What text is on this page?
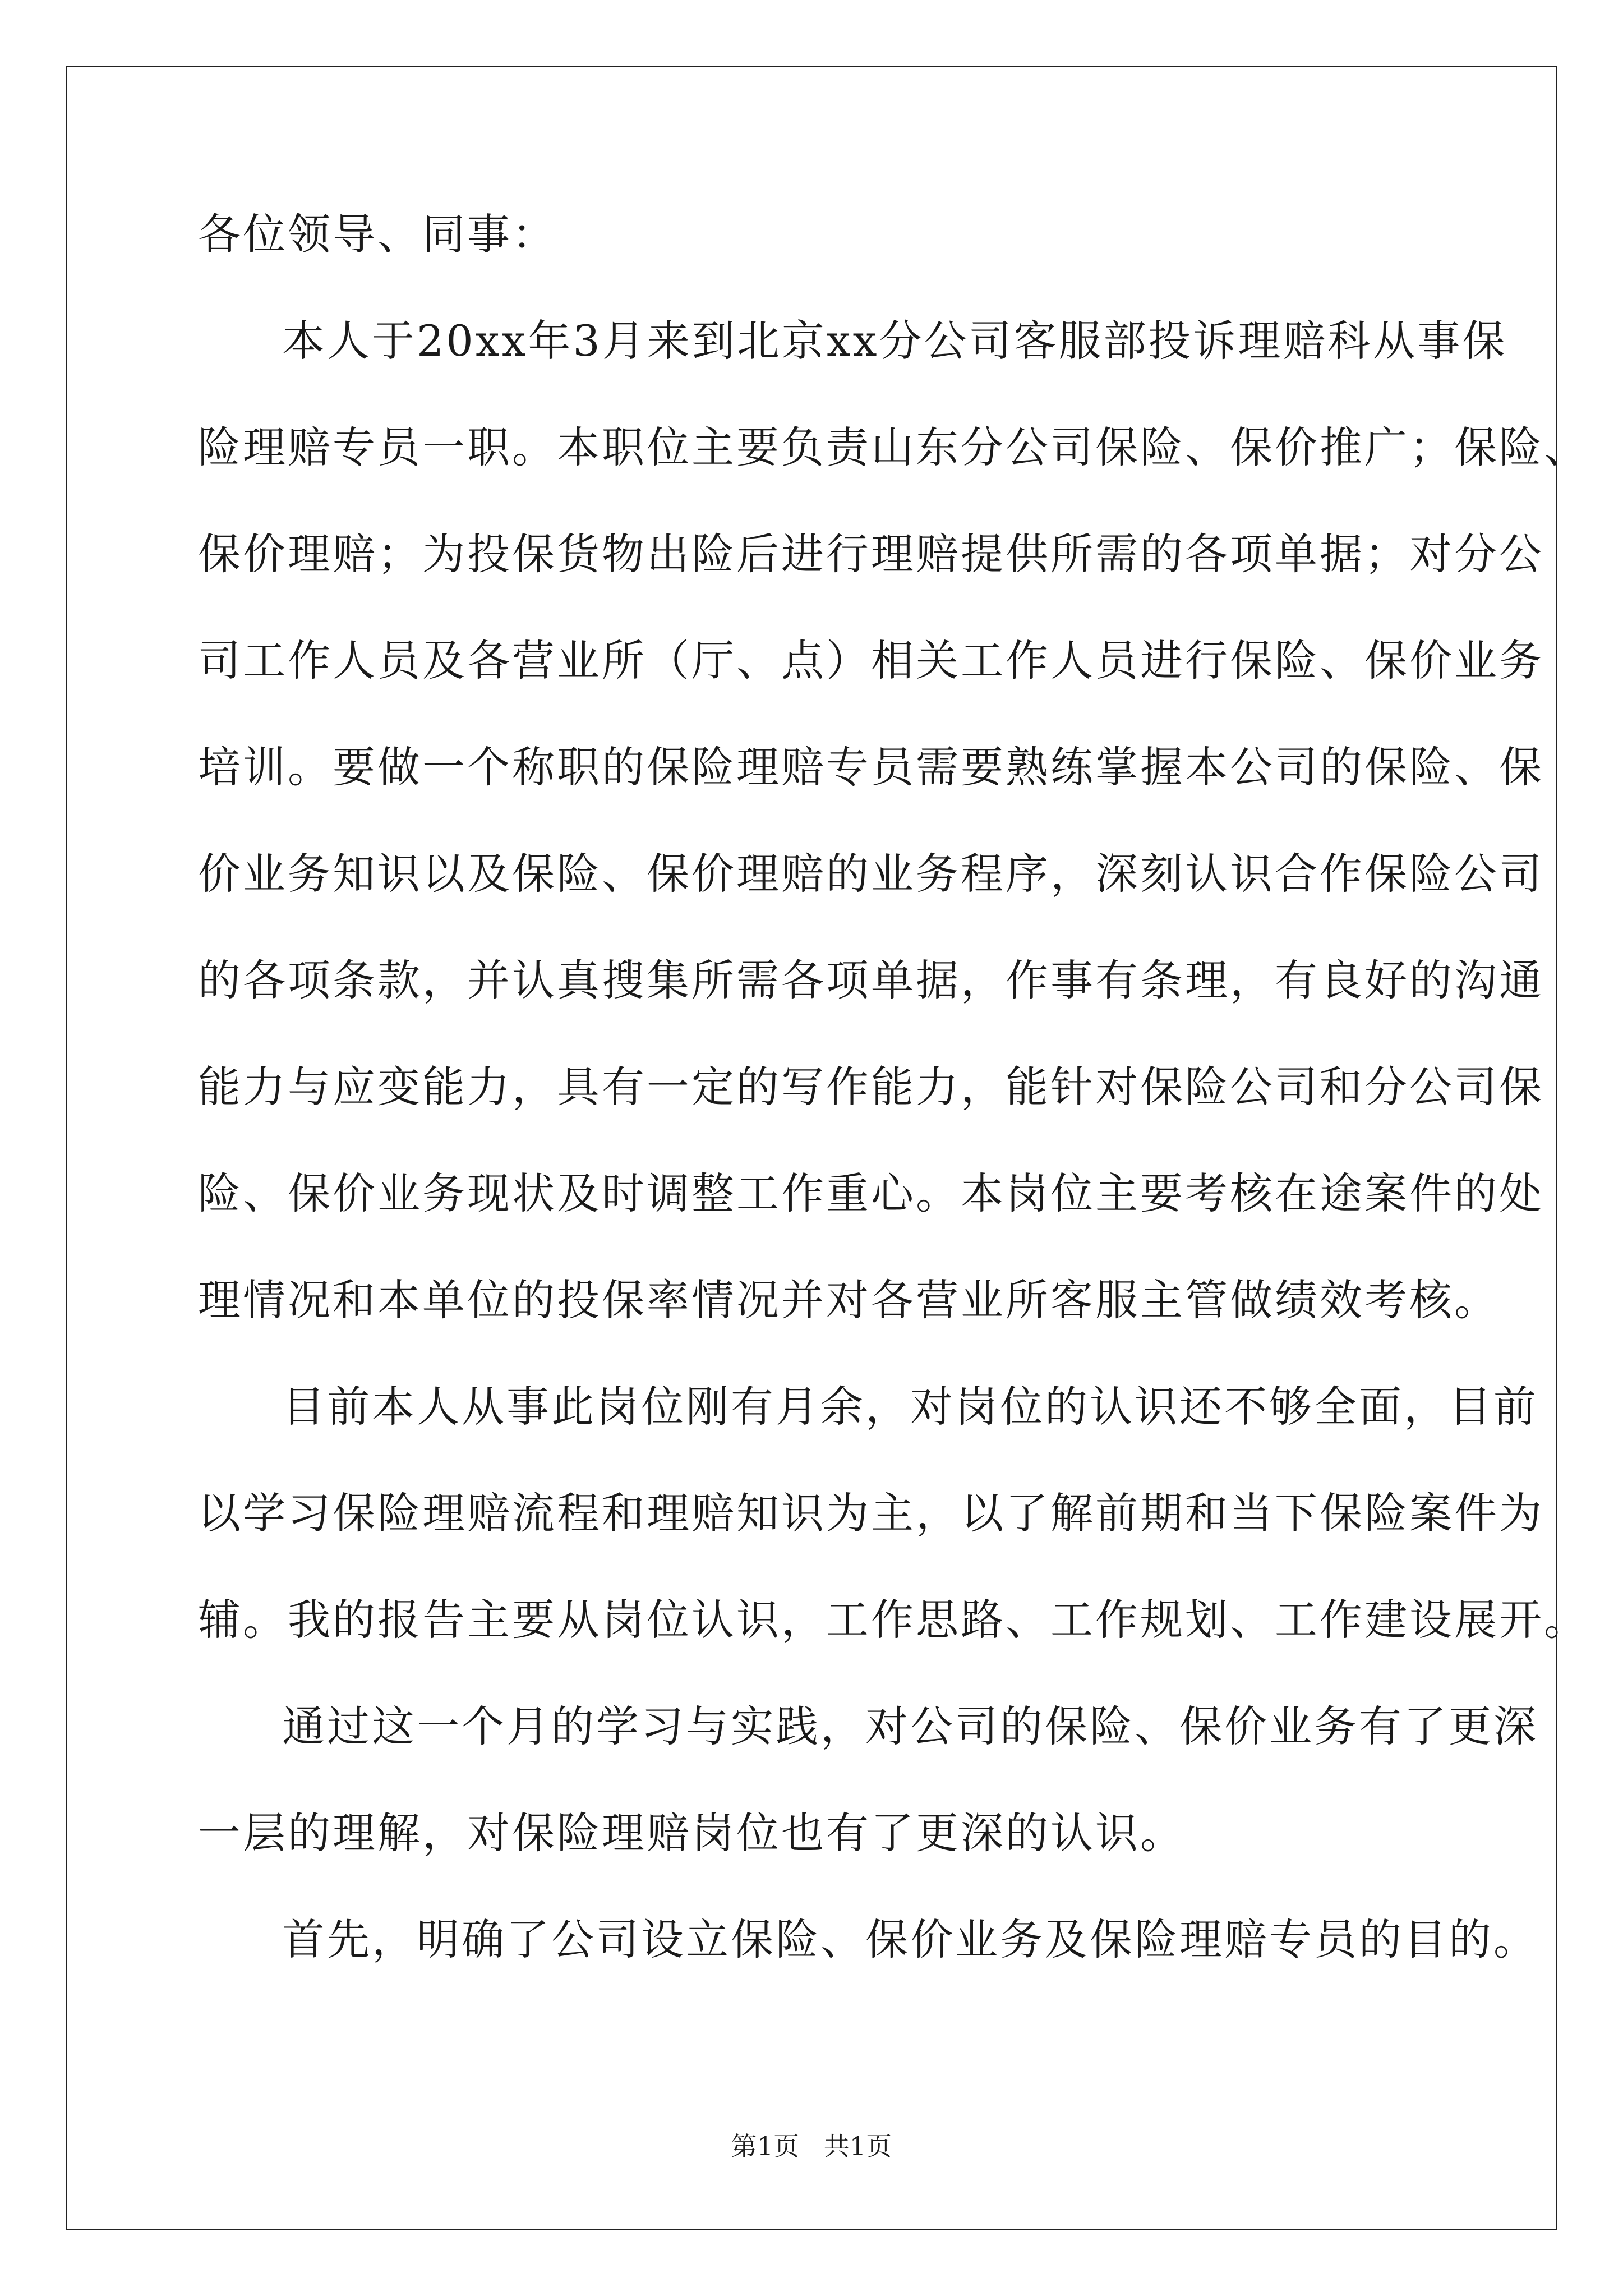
各位领导、同事：
本人于20xx年3月来到北京xx分公司客服部投诉理赔科从事保
险理赔专员一职。本职位主要负责山东分公司保险、保价推广；保险、
保价理赔；为投保货物出险后进行理赔提供所需的各项单据；对分公
司工作人员及各营业所（厅、点）相关工作人员进行保险、保价业务
培训。要做一个称职的保险理赔专员需要熟练掌握本公司的保险、保
价业务知识以及保险、保价理赔的业务程序，深刻认识合作保险公司
的各项条款，并认真搜集所需各项单据，作事有条理，有良好的沟通
能力与应变能力，具有一定的写作能力，能针对保险公司和分公司保
险、保价业务现状及时调整工作重心。本岗位主要考核在途案件的处
理情况和本单位的投保率情况并对各营业所客服主管做绩效考核。
目前本人从事此岗位刚有月余，对岗位的认识还不够全面，目前
以学习保险理赔流程和理赔知识为主，以了解前期和当下保险案件为
辅。我的报告主要从岗位认识，工作思路、工作规划、工作建设展开。
通过这一个月的学习与实践，对公司的保险、保价业务有了更深
一层的理解，对保险理赔岗位也有了更深的认识。
首先，明确了公司设立保险、保价业务及保险理赔专员的目的。
第1页   共1页
